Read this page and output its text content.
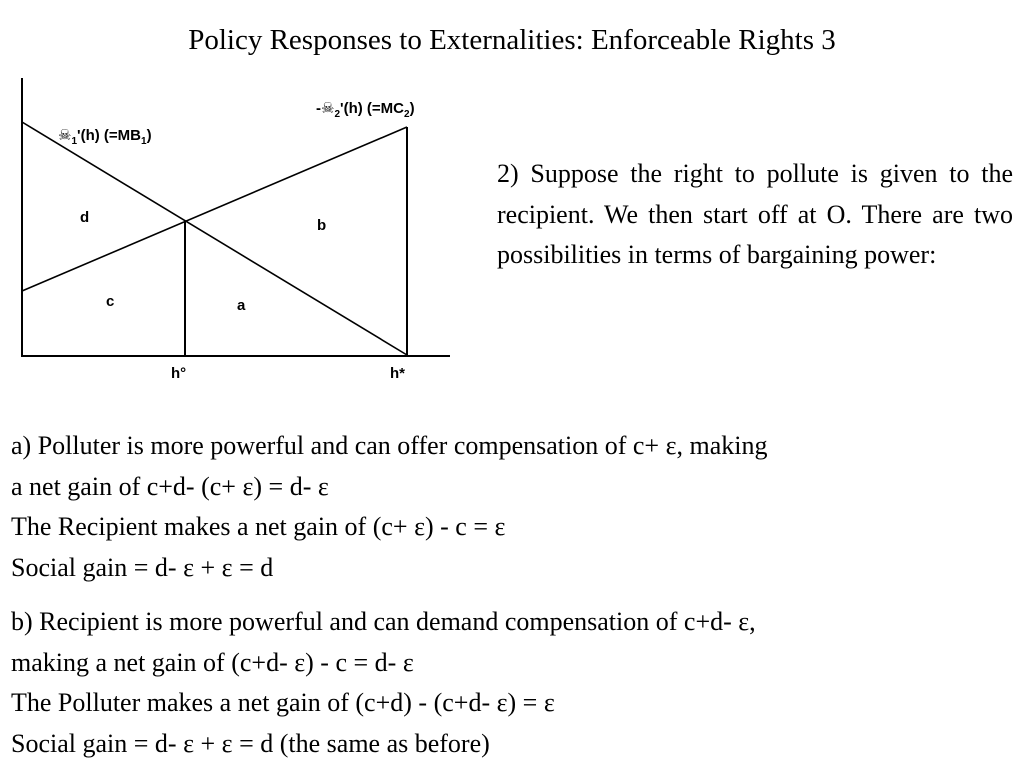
Policy Responses to Externalities: Enforceable Rights 3
$-☠_2'(h)$ $(=MC_2)$
$☠_1'(h)$ $(=MB_1)$
d	b
c	a
h°	h*
2) Suppose the right to pollute is given to the recipient. We then start off at O. There are two possibilities in terms of bargaining power:

a) Polluter is more powerful and can offer compensation of c+ ε, making

a net gain of c+d- (c+ ε) = d- ε

The Recipient makes a net gain of (c+ ε) - c = ε

Social gain = d- ε + ε = d

b) Recipient is more powerful and can demand compensation of c+d- ε,

making a net gain of (c+d- ε) - c = d- ε

The Polluter makes a net gain of (c+d) - (c+d- ε) = ε

Social gain = d- ε + ε = d (the same as before)
